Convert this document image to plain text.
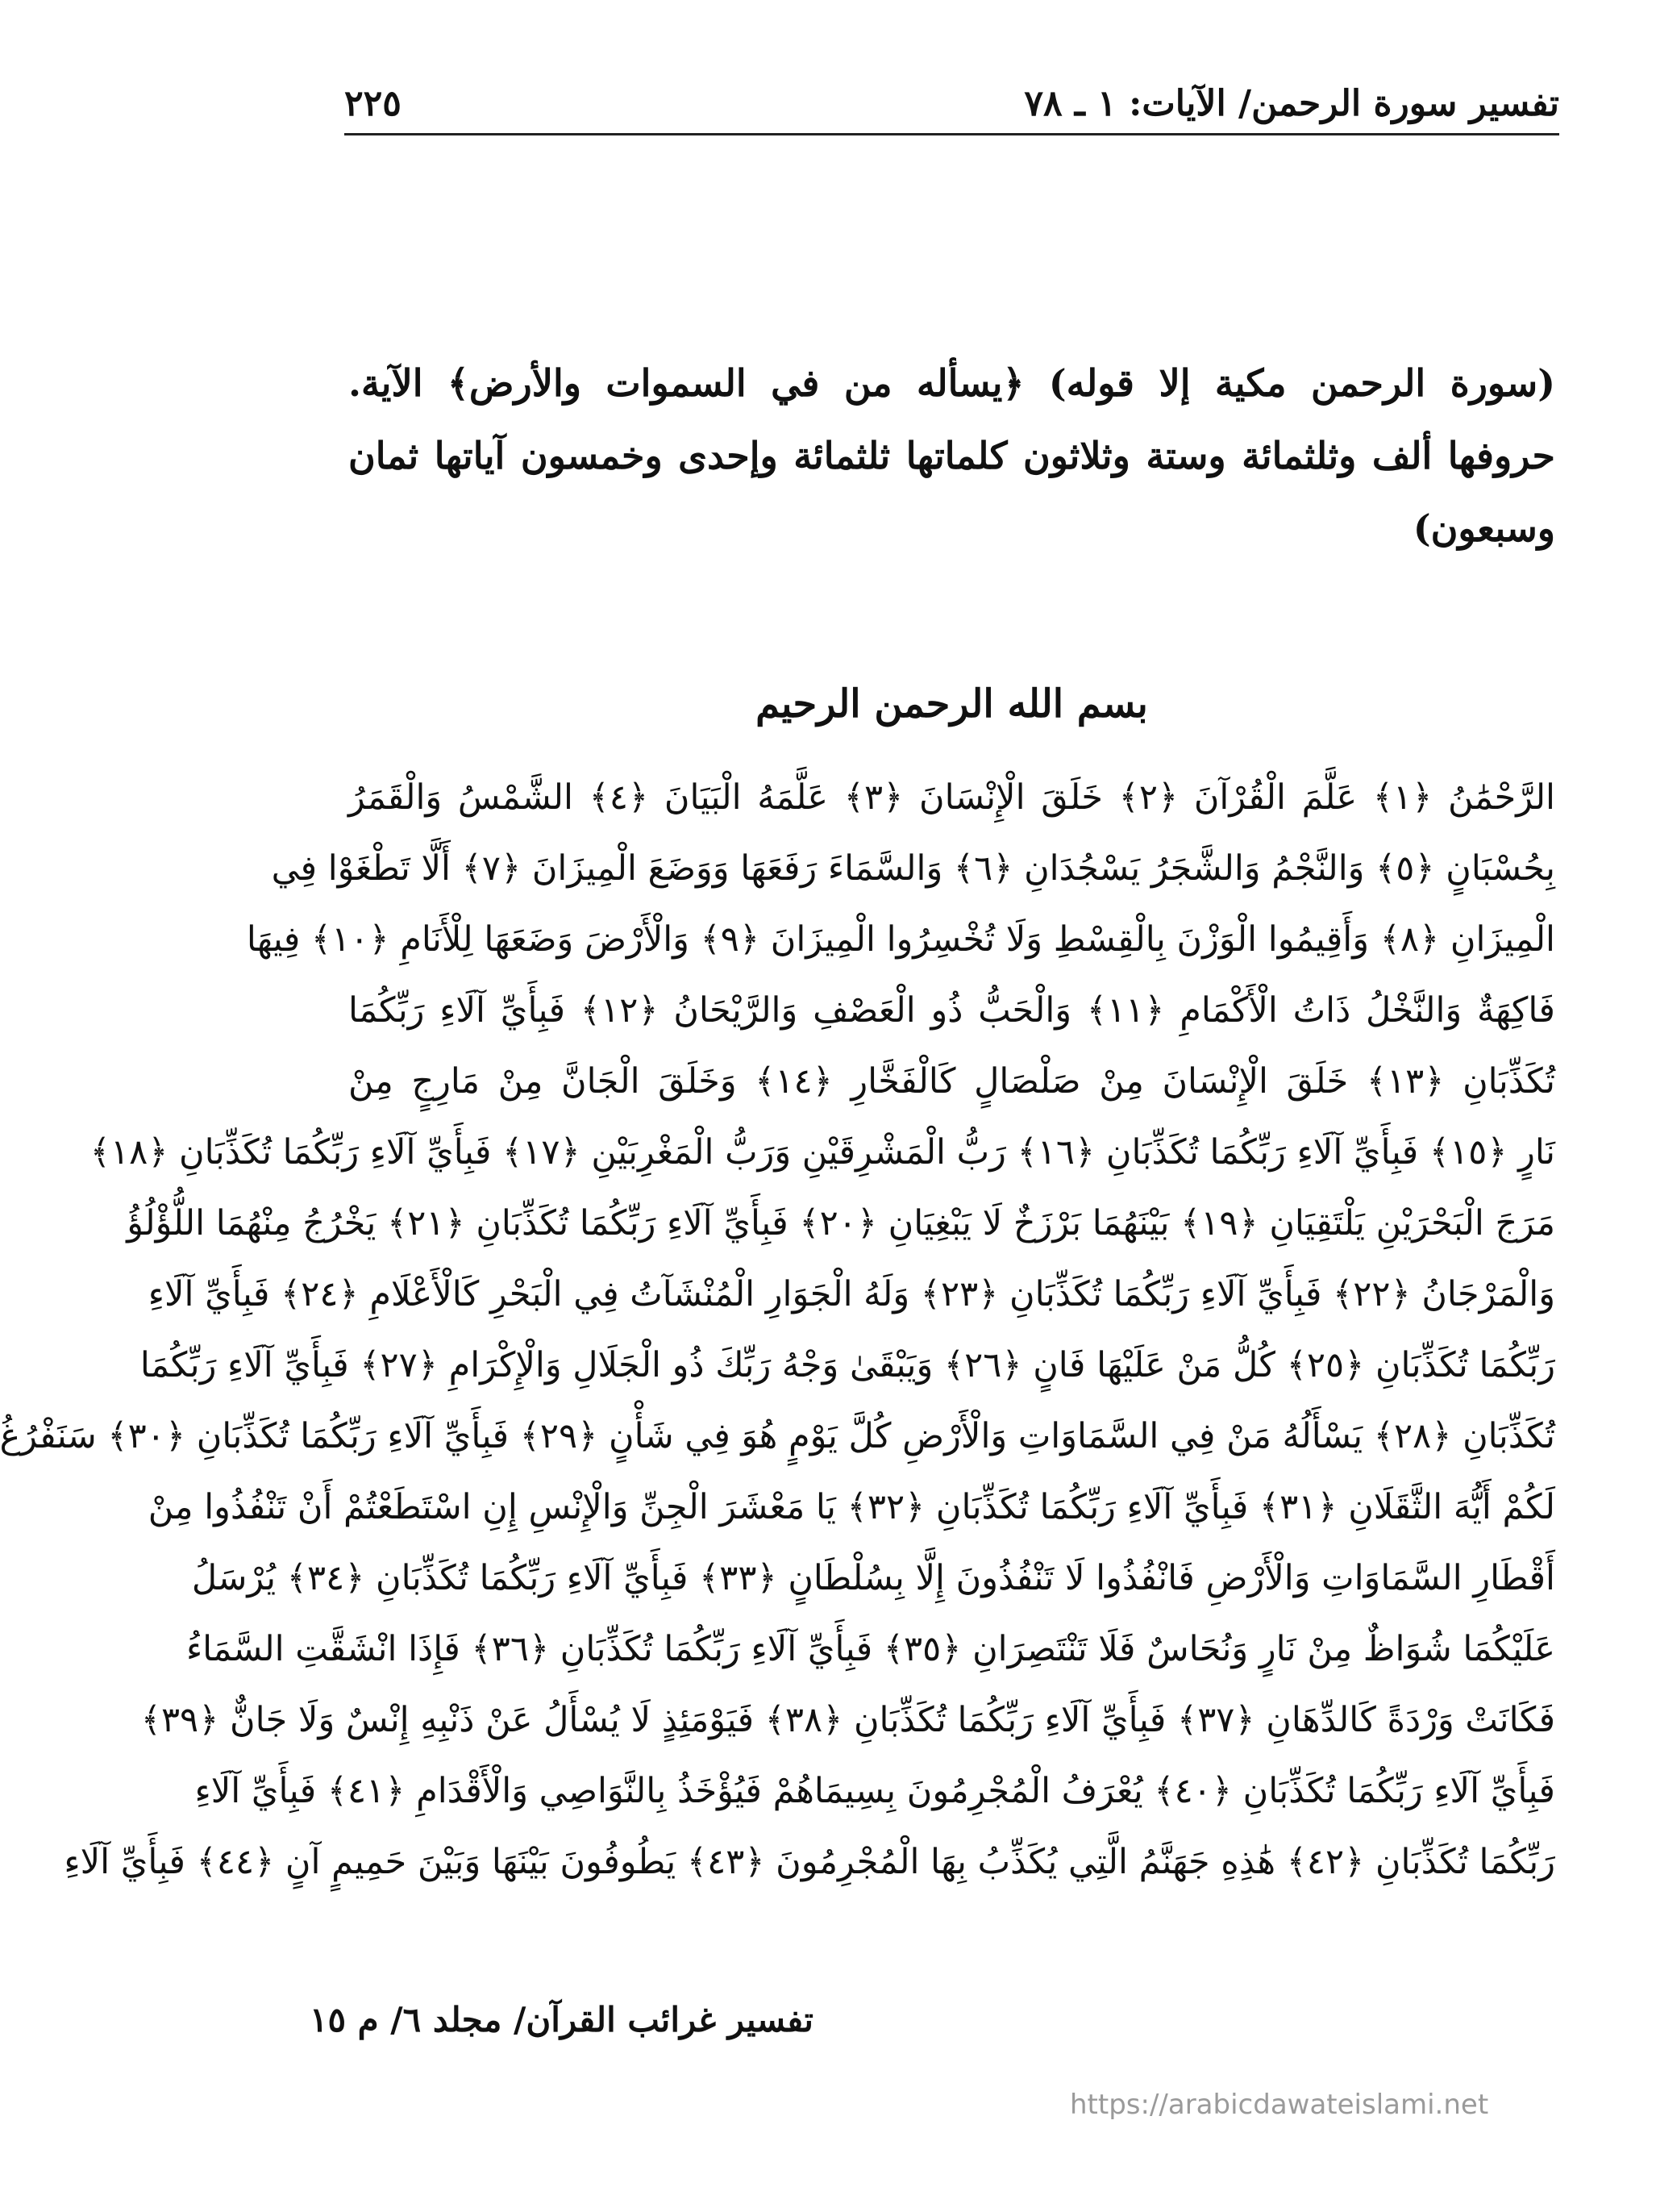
تفسير سورة الرحمن/ الآيات: ١ ـ ٧٨
٢٢٥

(سورة الرحمن مكية إلا قوله) ﴿يسأله من في السموات والأرض﴾ الآية. حروفها ألف وثلثمائة وستة وثلاثون كلماتها ثلثمائة وإحدى وخمسون آياتها ثمان وسبعون)

بسم الله الرحمن الرحيم
الرَّحْمَٰنُ ﴿١﴾ عَلَّمَ الْقُرْآنَ ﴿٢﴾ خَلَقَ الْإِنْسَانَ ﴿٣﴾ عَلَّمَهُ الْبَيَانَ ﴿٤﴾ الشَّمْسُ وَالْقَمَرُ
بِحُسْبَانٍ ﴿٥﴾ وَالنَّجْمُ وَالشَّجَرُ يَسْجُدَانِ ﴿٦﴾ وَالسَّمَاءَ رَفَعَهَا وَوَضَعَ الْمِيزَانَ ﴿٧﴾ أَلَّا تَطْغَوْا فِي
الْمِيزَانِ ﴿٨﴾ وَأَقِيمُوا الْوَزْنَ بِالْقِسْطِ وَلَا تُخْسِرُوا الْمِيزَانَ ﴿٩﴾ وَالْأَرْضَ وَضَعَهَا لِلْأَنَامِ ﴿١٠﴾ فِيهَا
فَاكِهَةٌ وَالنَّخْلُ ذَاتُ الْأَكْمَامِ ﴿١١﴾ وَالْحَبُّ ذُو الْعَصْفِ وَالرَّيْحَانُ ﴿١٢﴾ فَبِأَيِّ آلَاءِ رَبِّكُمَا
تُكَذِّبَانِ ﴿١٣﴾ خَلَقَ الْإِنْسَانَ مِنْ صَلْصَالٍ كَالْفَخَّارِ ﴿١٤﴾ وَخَلَقَ الْجَانَّ مِنْ مَارِجٍ مِنْ
نَارٍ ﴿١٥﴾ فَبِأَيِّ آلَاءِ رَبِّكُمَا تُكَذِّبَانِ ﴿١٦﴾ رَبُّ الْمَشْرِقَيْنِ وَرَبُّ الْمَغْرِبَيْنِ ﴿١٧﴾ فَبِأَيِّ آلَاءِ رَبِّكُمَا تُكَذِّبَانِ ﴿١٨﴾
مَرَجَ الْبَحْرَيْنِ يَلْتَقِيَانِ ﴿١٩﴾ بَيْنَهُمَا بَرْزَخٌ لَا يَبْغِيَانِ ﴿٢٠﴾ فَبِأَيِّ آلَاءِ رَبِّكُمَا تُكَذِّبَانِ ﴿٢١﴾ يَخْرُجُ مِنْهُمَا اللُّؤْلُؤُ
وَالْمَرْجَانُ ﴿٢٢﴾ فَبِأَيِّ آلَاءِ رَبِّكُمَا تُكَذِّبَانِ ﴿٢٣﴾ وَلَهُ الْجَوَارِ الْمُنْشَآتُ فِي الْبَحْرِ كَالْأَعْلَامِ ﴿٢٤﴾ فَبِأَيِّ آلَاءِ
رَبِّكُمَا تُكَذِّبَانِ ﴿٢٥﴾ كُلُّ مَنْ عَلَيْهَا فَانٍ ﴿٢٦﴾ وَيَبْقَىٰ وَجْهُ رَبِّكَ ذُو الْجَلَالِ وَالْإِكْرَامِ ﴿٢٧﴾ فَبِأَيِّ آلَاءِ رَبِّكُمَا
تُكَذِّبَانِ ﴿٢٨﴾ يَسْأَلُهُ مَنْ فِي السَّمَاوَاتِ وَالْأَرْضِ كُلَّ يَوْمٍ هُوَ فِي شَأْنٍ ﴿٢٩﴾ فَبِأَيِّ آلَاءِ رَبِّكُمَا تُكَذِّبَانِ ﴿٣٠﴾ سَنَفْرُغُ
لَكُمْ أَيُّهَ الثَّقَلَانِ ﴿٣١﴾ فَبِأَيِّ آلَاءِ رَبِّكُمَا تُكَذِّبَانِ ﴿٣٢﴾ يَا مَعْشَرَ الْجِنِّ وَالْإِنْسِ إِنِ اسْتَطَعْتُمْ أَنْ تَنْفُذُوا مِنْ
أَقْطَارِ السَّمَاوَاتِ وَالْأَرْضِ فَانْفُذُوا لَا تَنْفُذُونَ إِلَّا بِسُلْطَانٍ ﴿٣٣﴾ فَبِأَيِّ آلَاءِ رَبِّكُمَا تُكَذِّبَانِ ﴿٣٤﴾ يُرْسَلُ
عَلَيْكُمَا شُوَاظٌ مِنْ نَارٍ وَنُحَاسٌ فَلَا تَنْتَصِرَانِ ﴿٣٥﴾ فَبِأَيِّ آلَاءِ رَبِّكُمَا تُكَذِّبَانِ ﴿٣٦﴾ فَإِذَا انْشَقَّتِ السَّمَاءُ
فَكَانَتْ وَرْدَةً كَالدِّهَانِ ﴿٣٧﴾ فَبِأَيِّ آلَاءِ رَبِّكُمَا تُكَذِّبَانِ ﴿٣٨﴾ فَيَوْمَئِذٍ لَا يُسْأَلُ عَنْ ذَنْبِهِ إِنْسٌ وَلَا جَانٌّ ﴿٣٩﴾
فَبِأَيِّ آلَاءِ رَبِّكُمَا تُكَذِّبَانِ ﴿٤٠﴾ يُعْرَفُ الْمُجْرِمُونَ بِسِيمَاهُمْ فَيُؤْخَذُ بِالنَّوَاصِي وَالْأَقْدَامِ ﴿٤١﴾ فَبِأَيِّ آلَاءِ
رَبِّكُمَا تُكَذِّبَانِ ﴿٤٢﴾ هَٰذِهِ جَهَنَّمُ الَّتِي يُكَذِّبُ بِهَا الْمُجْرِمُونَ ﴿٤٣﴾ يَطُوفُونَ بَيْنَهَا وَبَيْنَ حَمِيمٍ آنٍ ﴿٤٤﴾ فَبِأَيِّ آلَاءِ
تفسير غرائب القرآن/ مجلد ٦/ م ١٥
https://arabicdawateislami.net
